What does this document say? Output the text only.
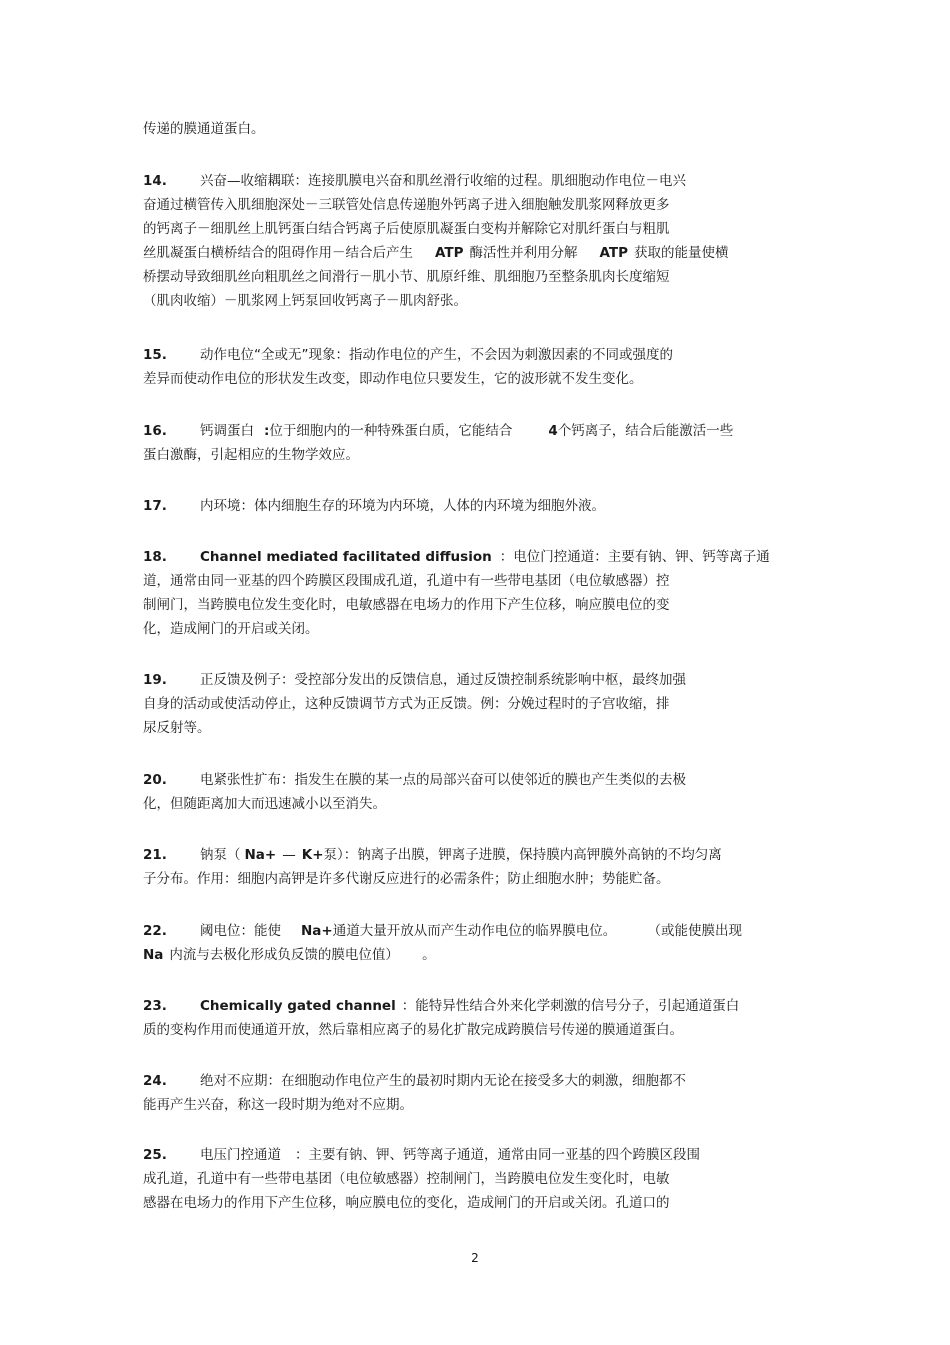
传递的膜通道蛋白。

14. 兴奋—收缩耦联：连接肌膜电兴奋和肌丝滑行收缩的过程。肌细胞动作电位－电兴

奋通过横管传入肌细胞深处－三联管处信息传递胞外钙离子进入细胞触发肌浆网释放更多

的钙离子－细肌丝上肌钙蛋白结合钙离子后使原肌凝蛋白变构并解除它对肌纤蛋白与粗肌

丝肌凝蛋白横桥结合的阻碍作用－结合后产生 ATP 酶活性并利用分解 ATP 获取的能量使横

桥摆动导致细肌丝向粗肌丝之间滑行－肌小节、肌原纤维、肌细胞乃至整条肌肉长度缩短

（肌肉收缩）－肌浆网上钙泵回收钙离子－肌肉舒张。

15. 动作电位“全或无”现象：指动作电位的产生，不会因为刺激因素的不同或强度的

差异而使动作电位的形状发生改变，即动作电位只要发生，它的波形就不发生变化。

16. 钙调蛋白 :位于细胞内的一种特殊蛋白质，它能结合	4个钙离子，结合后能激活一些

蛋白激酶，引起相应的生物学效应。

17. 内环境：体内细胞生存的环境为内环境，人体的内环境为细胞外液。

18. Channel mediated facilitated diffusion ：电位门控通道：主要有钠、钾、钙等离子通

道，通常由同一亚基的四个跨膜区段围成孔道，孔道中有一些带电基团（电位敏感器）控

制闸门，当跨膜电位发生变化时，电敏感器在电场力的作用下产生位移，响应膜电位的变

化，造成闸门的开启或关闭。

19. 正反馈及例子：受控部分发出的反馈信息，通过反馈控制系统影响中枢，最终加强

自身的活动或使活动停止，这种反馈调节方式为正反馈。例：分娩过程时的子宫收缩，排

尿反射等。

20. 电紧张性扩布：指发生在膜的某一点的局部兴奋可以使邻近的膜也产生类似的去极

化，但随距离加大而迅速减小以至消失。

21. 钠泵（ Na+ — K+泵）：钠离子出膜，钾离子进膜，保持膜内高钾膜外高钠的不均匀离

子分布。作用：细胞内高钾是许多代谢反应进行的必需条件；防止细胞水肿；势能贮备。

22. 阈电位：能使 Na+通道大量开放从而产生动作电位的临界膜电位。	（或能使膜出现

Na 内流与去极化形成负反馈的膜电位值） 。

23. Chemically gated channel ：能特异性结合外来化学刺激的信号分子，引起通道蛋白

质的变构作用而使通道开放，然后靠相应离子的易化扩散完成跨膜信号传递的膜通道蛋白。

24. 绝对不应期：在细胞动作电位产生的最初时期内无论在接受多大的刺激，细胞都不

能再产生兴奋，称这一段时期为绝对不应期。

25. 电压门控通道 ：主要有钠、钾、钙等离子通道，通常由同一亚基的四个跨膜区段围

成孔道，孔道中有一些带电基团（电位敏感器）控制闸门，当跨膜电位发生变化时，电敏

感器在电场力的作用下产生位移，响应膜电位的变化，造成闸门的开启或关闭。孔道口的

2
